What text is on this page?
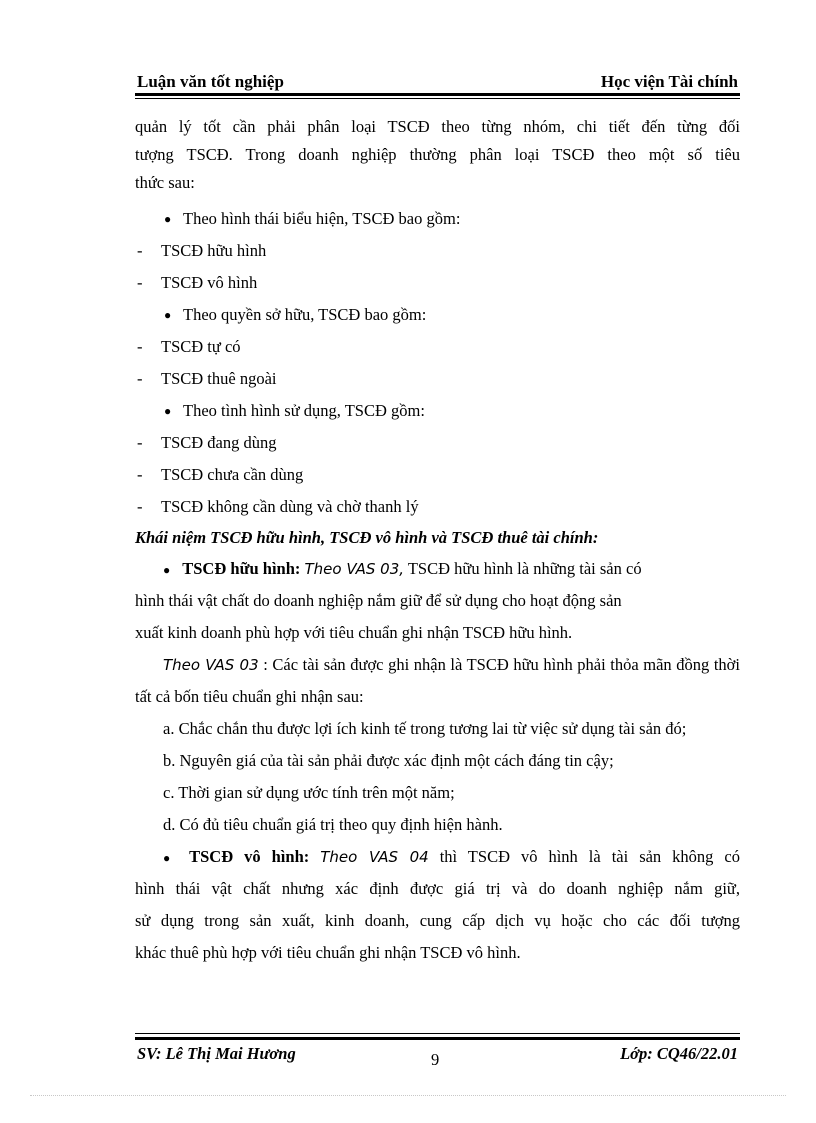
Luận văn tốt nghiệp	Học viện Tài chính
quản lý tốt cần phải phân loại TSCĐ theo từng nhóm, chi tiết đến từng đối
tượng TSCĐ. Trong doanh nghiệp thường phân loại TSCĐ theo một số tiêu
thức sau:
● Theo hình thái biểu hiện, TSCĐ bao gồm:
- TSCĐ hữu hình
- TSCĐ vô hình
● Theo quyền sở hữu, TSCĐ bao gồm:
- TSCĐ tự có
- TSCĐ thuê ngoài
● Theo tình hình sử dụng, TSCĐ gồm:
- TSCĐ đang dùng
- TSCĐ chưa cần dùng
- TSCĐ không cần dùng và chờ thanh lý
Khái niệm TSCĐ hữu hình, TSCĐ vô hình và TSCĐ thuê tài chính:
● TSCĐ hữu hình: Theo VAS 03, TSCĐ hữu hình là những tài sản có
hình thái vật chất do doanh nghiệp nắm giữ để sử dụng cho hoạt động sản
xuất kinh doanh phù hợp với tiêu chuẩn ghi nhận TSCĐ hữu hình.

Theo VAS 03 : Các tài sản được ghi nhận là TSCĐ hữu hình phải thỏa mãn đồng thời tất cả bốn tiêu chuẩn ghi nhận sau:

a. Chắc chắn thu được lợi ích kinh tế trong tương lai từ việc sử dụng tài sản đó;

b. Nguyên giá của tài sản phải được xác định một cách đáng tin cậy;
c. Thời gian sử dụng ước tính trên một năm;
d. Có đủ tiêu chuẩn giá trị theo quy định hiện hành.
● TSCĐ vô hình: Theo VAS 04 thì TSCĐ vô hình là tài sản không có
hình thái vật chất nhưng xác định được giá trị và do doanh nghiệp nắm giữ,
sử dụng trong sản xuất, kinh doanh, cung cấp dịch vụ hoặc cho các đối tượng
khác thuê phù hợp với tiêu chuẩn ghi nhận TSCĐ vô hình.
SV: Lê Thị Mai Hương	9	Lớp: CQ46/22.01
